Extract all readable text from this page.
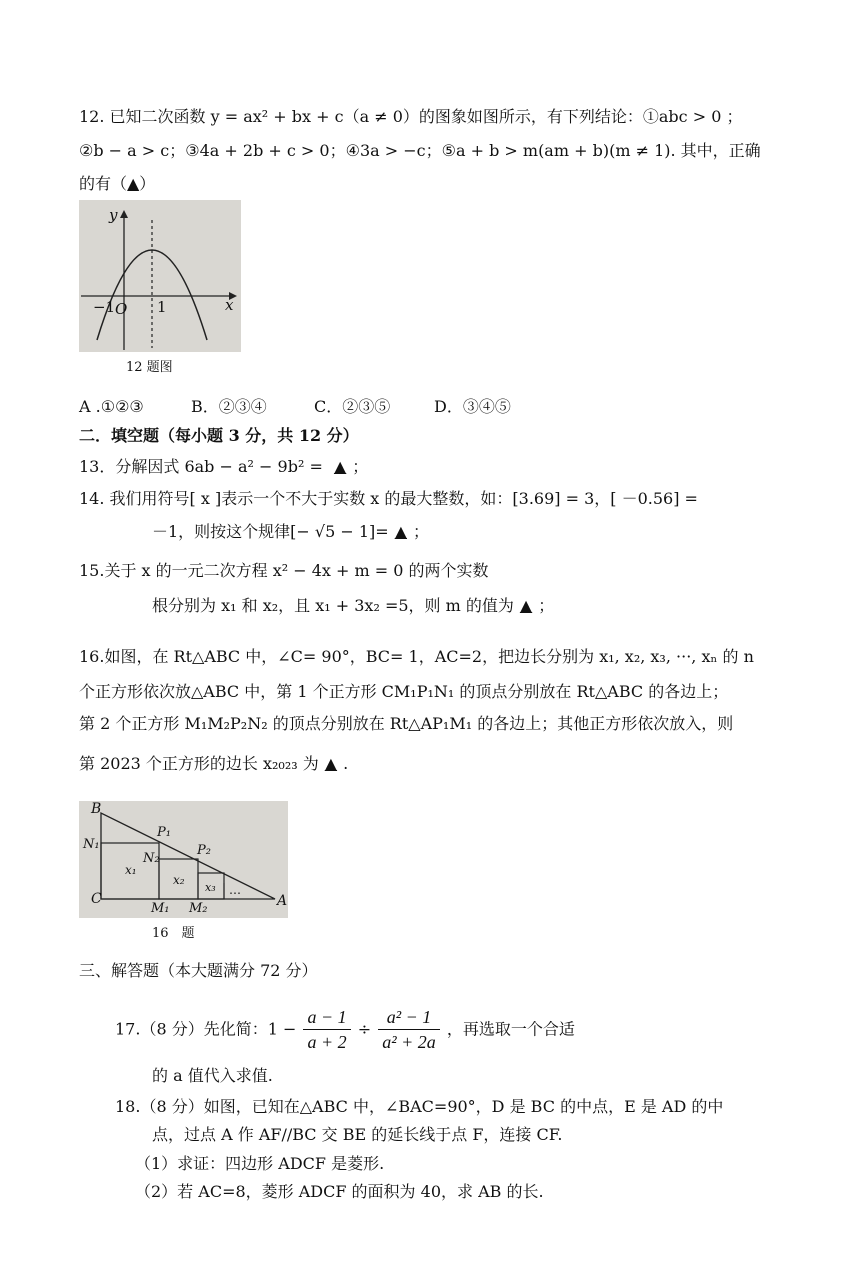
12. 已知二次函数 y = ax² + bx + c（a ≠ 0）的图象如图所示，有下列结论：①abc > 0 ；
②b − a > c；③4a + 2b + c > 0；④3a > −c；⑤a + b > m(am + b)(m ≠ 1). 其中，正确
的有（▲）
y
x
−1 O 1
12 题图
A .①②③	B．②③④	C．②③⑤	D．③④⑤
二．填空题（每小题 3 分，共 12 分）
13．分解因式 6ab − a² − 9b² = ▲ ；
14. 我们用符号[ x ]表示一个不大于实数 x 的最大整数，如：[3.69] = 3，[ －0.56] =
－1，则按这个规律[− √5 − 1]= ▲ ；
15.关于 x 的一元二次方程 x² − 4x + m = 0 的两个实数
根分别为 x₁ 和 x₂，且 x₁ + 3x₂ =5，则 m 的值为 ▲ ；
16.如图，在 Rt△ABC 中，∠C= 90°，BC= 1，AC=2，把边长分别为 x₁, x₂, x₃, ···, xₙ 的 n
个正方形依次放△ABC 中，第 1 个正方形 CM₁P₁N₁ 的顶点分别放在 Rt△ABC 的各边上；
第 2 个正方形 M₁M₂P₂N₂ 的顶点分别放在 Rt△AP₁M₁ 的各边上；其他正方形依次放入，则
第 2023 个正方形的边长 x₂₀₂₃ 为 ▲ .
B
P₁
N₁
N₂
P₂
C
M₁ M₂	A
x₁
x₂
x₃ …
16　题
三、解答题（本大题满分 72 分）
17.（8 分）先化简：$1 - \frac{a - 1}{a + 2} \div \frac{\text{a² − 1}}{\text{a² + 2a}}$ ，再选取一个合适
的 a 值代入求值.
18.（8 分）如图，已知在△ABC 中，∠BAC=90°，D 是 BC 的中点，E 是 AD 的中
点，过点 A 作 AF//BC 交 BE 的延长线于点 F，连接 CF.
（1）求证：四边形 ADCF 是菱形.
（2）若 AC=8，菱形 ADCF 的面积为 40，求 AB 的长.
